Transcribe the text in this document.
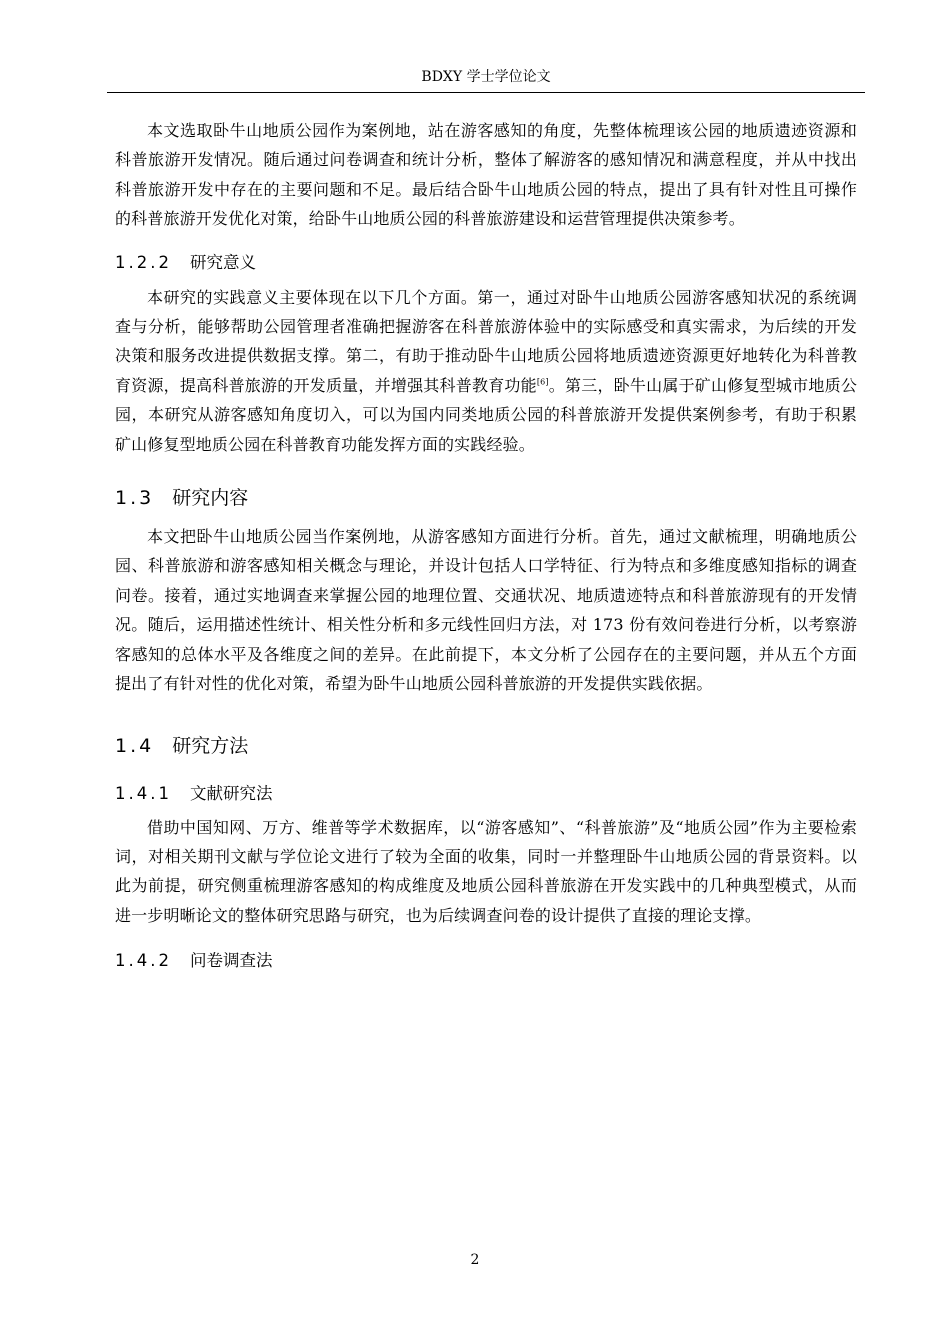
BDXY 学士学位论文

本文选取卧牛山地质公园作为案例地，站在游客感知的角度，先整体梳理该公园的地质遗迹资源和科普旅游开发情况。随后通过问卷调查和统计分析，整体了解游客的感知情况和满意程度，并从中找出科普旅游开发中存在的主要问题和不足。最后结合卧牛山地质公园的特点，提出了具有针对性且可操作的科普旅游开发优化对策，给卧牛山地质公园的科普旅游建设和运营管理提供决策参考。

1.2.2 研究意义

本研究的实践意义主要体现在以下几个方面。第一，通过对卧牛山地质公园游客感知状况的系统调查与分析，能够帮助公园管理者准确把握游客在科普旅游体验中的实际感受和真实需求，为后续的开发决策和服务改进提供数据支撑。第二，有助于推动卧牛山地质公园将地质遗迹资源更好地转化为科普教育资源，提高科普旅游的开发质量，并增强其科普教育功能[6]。第三，卧牛山属于矿山修复型城市地质公园，本研究从游客感知角度切入，可以为国内同类地质公园的科普旅游开发提供案例参考，有助于积累矿山修复型地质公园在科普教育功能发挥方面的实践经验。

1.3 研究内容

本文把卧牛山地质公园当作案例地，从游客感知方面进行分析。首先，通过文献梳理，明确地质公园、科普旅游和游客感知相关概念与理论，并设计包括人口学特征、行为特点和多维度感知指标的调查问卷。接着，通过实地调查来掌握公园的地理位置、交通状况、地质遗迹特点和科普旅游现有的开发情况。随后，运用描述性统计、相关性分析和多元线性回归方法，对 173 份有效问卷进行分析，以考察游客感知的总体水平及各维度之间的差异。在此前提下，本文分析了公园存在的主要问题，并从五个方面提出了有针对性的优化对策，希望为卧牛山地质公园科普旅游的开发提供实践依据。

1.4 研究方法
1.4.1 文献研究法

借助中国知网、万方、维普等学术数据库，以“游客感知”、“科普旅游”及“地质公园”作为主要检索词，对相关期刊文献与学位论文进行了较为全面的收集，同时一并整理卧牛山地质公园的背景资料。以此为前提，研究侧重梳理游客感知的构成维度及地质公园科普旅游在开发实践中的几种典型模式，从而进一步明晰论文的整体研究思路与研究，也为后续调查问卷的设计提供了直接的理论支撑。

1.4.2 问卷调查法
2
